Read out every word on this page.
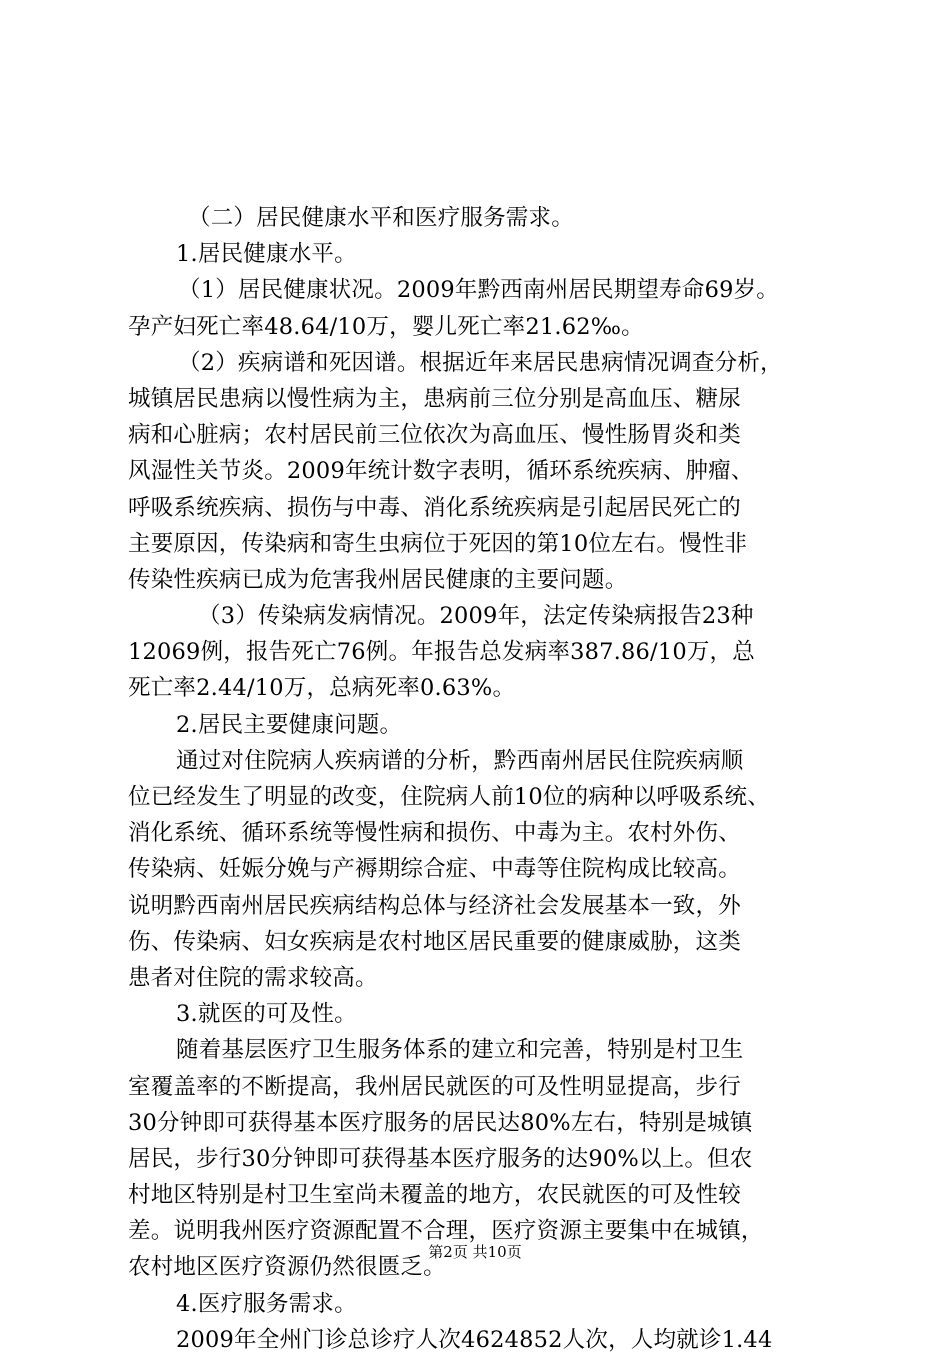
（二）居民健康水平和医疗服务需求。
1.居民健康水平。
（1）居民健康状况。2009年黔西南州居民期望寿命69岁。
孕产妇死亡率48.64/10万，婴儿死亡率21.62‰。
（2）疾病谱和死因谱。根据近年来居民患病情况调查分析，
城镇居民患病以慢性病为主，患病前三位分别是高血压、糖尿
病和心脏病；农村居民前三位依次为高血压、慢性肠胃炎和类
风湿性关节炎。2009年统计数字表明，循环系统疾病、肿瘤、
呼吸系统疾病、损伤与中毒、消化系统疾病是引起居民死亡的
主要原因，传染病和寄生虫病位于死因的第10位左右。慢性非
传染性疾病已成为危害我州居民健康的主要问题。
（3）传染病发病情况。2009年，法定传染病报告23种
12069例，报告死亡76例。年报告总发病率387.86/10万，总
死亡率2.44/10万，总病死率0.63%。
2.居民主要健康问题。
通过对住院病人疾病谱的分析，黔西南州居民住院疾病顺
位已经发生了明显的改变，住院病人前10位的病种以呼吸系统、
消化系统、循环系统等慢性病和损伤、中毒为主。农村外伤、
传染病、妊娠分娩与产褥期综合症、中毒等住院构成比较高。
说明黔西南州居民疾病结构总体与经济社会发展基本一致，外
伤、传染病、妇女疾病是农村地区居民重要的健康威胁，这类
患者对住院的需求较高。
3.就医的可及性。
随着基层医疗卫生服务体系的建立和完善，特别是村卫生
室覆盖率的不断提高，我州居民就医的可及性明显提高，步行
30分钟即可获得基本医疗服务的居民达80%左右，特别是城镇
居民，步行30分钟即可获得基本医疗服务的达90%以上。但农
村地区特别是村卫生室尚未覆盖的地方，农民就医的可及性较
差。说明我州医疗资源配置不合理，医疗资源主要集中在城镇，
农村地区医疗资源仍然很匮乏。
4.医疗服务需求。
2009年全州门诊总诊疗人次4624852人次，人均就诊1.44
第2页 共10页
